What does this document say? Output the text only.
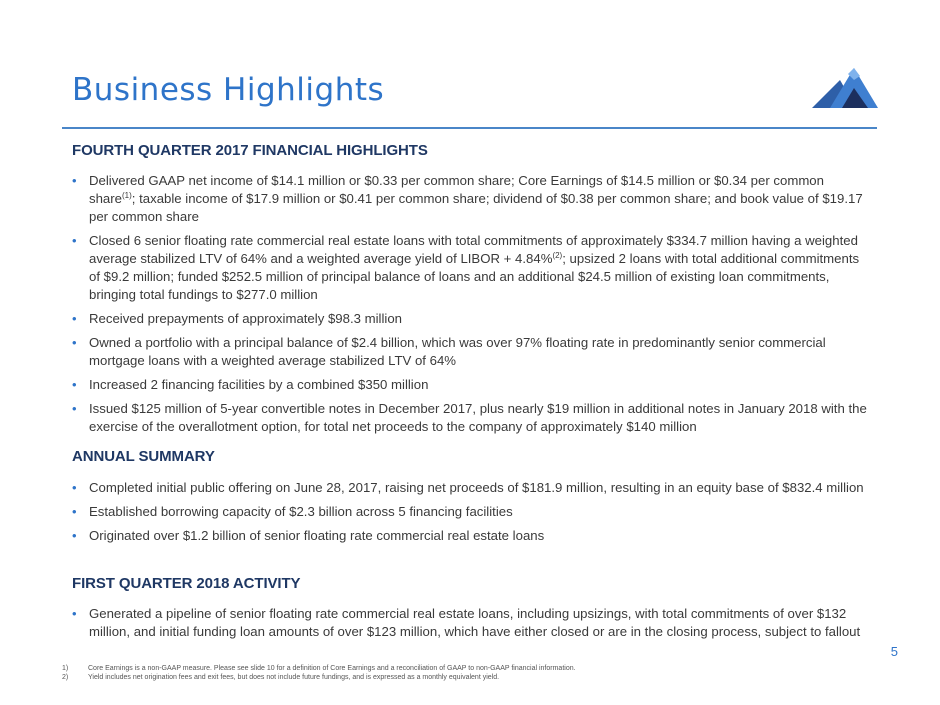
Business Highlights
FOURTH QUARTER 2017 FINANCIAL HIGHLIGHTS
• Delivered GAAP net income of $14.1 million or $0.33 per common share; Core Earnings of $14.5 million or $0.34 per common share$^{(1)}$; taxable income of $17.9 million or $0.41 per common share; dividend of $0.38 per common share; and book value of $19.17 per common share
• Closed 6 senior floating rate commercial real estate loans with total commitments of approximately $334.7 million having a weighted average stabilized LTV of 64% and a weighted average yield of LIBOR + 4.84%$^{(2)}$; upsized 2 loans with total additional commitments of $9.2 million; funded $252.5 million of principal balance of loans and an additional $24.5 million of existing loan commitments, bringing total fundings to $277.0 million
• Received prepayments of approximately $98.3 million
• Owned a portfolio with a principal balance of $2.4 billion, which was over 97% floating rate in predominantly senior commercial mortgage loans with a weighted average stabilized LTV of 64%
• Increased 2 financing facilities by a combined $350 million
• Issued $125 million of 5-year convertible notes in December 2017, plus nearly $19 million in additional notes in January 2018 with the exercise of the overallotment option, for total net proceeds to the company of approximately $140 million
ANNUAL SUMMARY
• Completed initial public offering on June 28, 2017, raising net proceeds of $181.9 million, resulting in an equity base of $832.4 million
• Established borrowing capacity of $2.3 billion across 5 financing facilities
• Originated over $1.2 billion of senior floating rate commercial real estate loans
FIRST QUARTER 2018 ACTIVITY
• Generated a pipeline of senior floating rate commercial real estate loans, including upsizings, with total commitments of over $132 million, and initial funding loan amounts of over $123 million, which have either closed or are in the closing process, subject to fallout
5
1)	Core Earnings is a non-GAAP measure. Please see slide 10 for a definition of Core Earnings and a reconciliation of GAAP to non-GAAP financial information.
2)	Yield includes net origination fees and exit fees, but does not include future fundings, and is expressed as a monthly equivalent yield.
